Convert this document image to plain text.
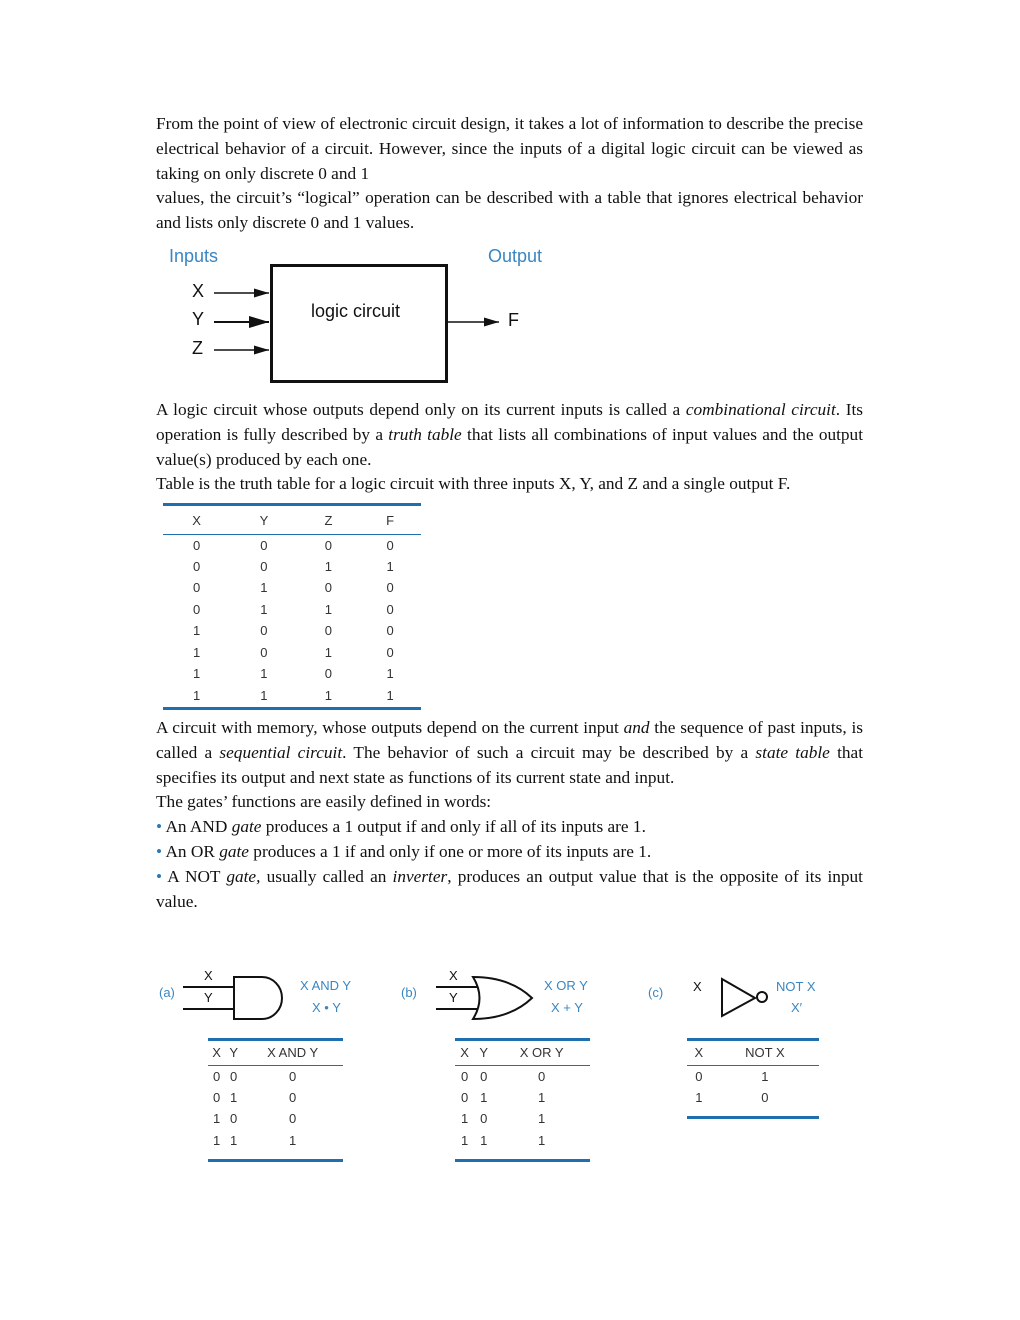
From the point of view of electronic circuit design, it takes a lot of information to describe the precise electrical behavior of a circuit. However, since the inputs of a digital logic circuit can be viewed as taking on only discrete 0 and 1
values, the circuit’s “logical” operation can be described with a table that ignores electrical behavior and lists only discrete 0 and 1 values.
Inputs	Output
X
Y
Z
F
logic circuit
A logic circuit whose outputs depend only on its current inputs is called a combinational circuit. Its operation is fully described by a truth table that lists all combinations of input values and the output value(s) produced by each one.
Table is the truth table for a logic circuit with three inputs X, Y, and Z and a single output F.
X	Y	Z	F
0	0	0	0
0	0	1	1
0	1	0	0
0	1	1	0
1	0	0	0
1	0	1	0
1	1	0	1
1	1	1	1
A circuit with memory, whose outputs depend on the current input and the sequence of past inputs, is called a sequential circuit. The behavior of such a circuit may be described by a state table that specifies its output and next state as functions of its current state and input.
The gates’ functions are easily defined in words:
• An AND gate produces a 1 output if and only if all of its inputs are 1.
• An OR gate produces a 1 if and only if one or more of its inputs are 1.
• A NOT gate, usually called an inverter, produces an output value that is the opposite of its input value.
(a)
X
Y
X AND Y
X • Y
X	Y	X AND Y
0	0	0
0	1	0
1	0	0
1	1	1
(b)
X
Y
X OR Y
X + Y
X	Y	X OR Y
0	0	0
0	1	1
1	0	1
1	1	1
(c) X	NOT X
X′
X	NOT X
0	1
1	0
